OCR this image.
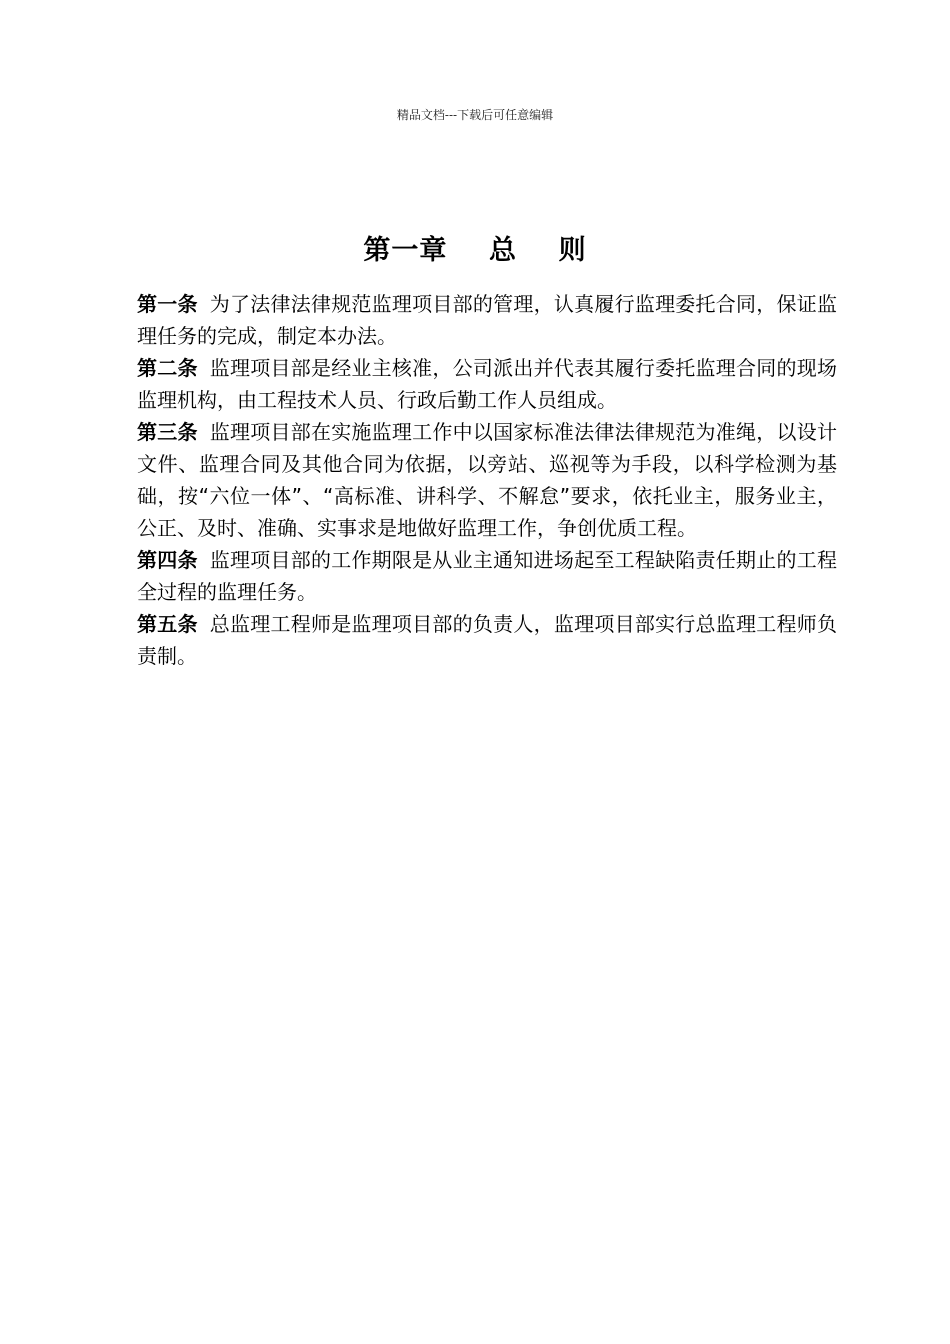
精品文档---下载后可任意编辑
第一章    总    则

第一条 为了法律法律规范监理项目部的管理，认真履行监理委托合同，保证监理任务的完成，制定本办法。

第二条 监理项目部是经业主核准，公司派出并代表其履行委托监理合同的现场监理机构，由工程技术人员、行政后勤工作人员组成。

第三条 监理项目部在实施监理工作中以国家标准法律法律规范为准绳，以设计文件、监理合同及其他合同为依据，以旁站、巡视等为手段，以科学检测为基础，按“六位一体”、“高标准、讲科学、不解怠”要求，依托业主，服务业主，公正、及时、准确、实事求是地做好监理工作，争创优质工程。

第四条 监理项目部的工作期限是从业主通知进场起至工程缺陷责任期止的工程全过程的监理任务。

第五条 总监理工程师是监理项目部的负责人，监理项目部实行总监理工程师负责制。
